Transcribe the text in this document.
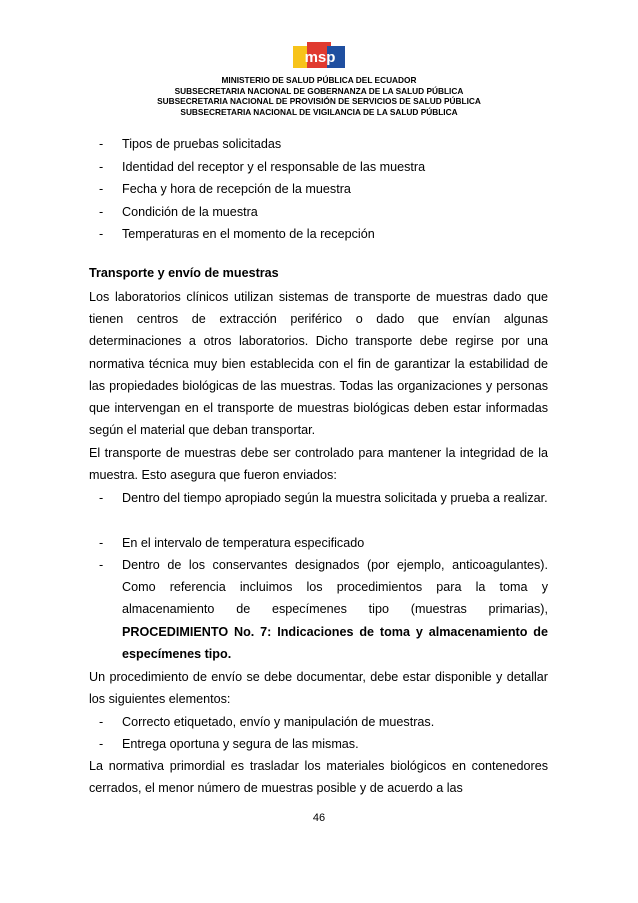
msp
MINISTERIO DE SALUD PÚBLICA DEL ECUADOR
SUBSECRETARIA NACIONAL DE GOBERNANZA DE LA SALUD PÚBLICA
SUBSECRETARIA NACIONAL DE PROVISIÓN DE SERVICIOS DE SALUD PÚBLICA
SUBSECRETARIA NACIONAL DE VIGILANCIA DE LA SALUD PÚBLICA
- Tipos de pruebas solicitadas
- Identidad del receptor y el responsable de las muestra
- Fecha y hora de recepción de la muestra
- Condición de la muestra
- Temperaturas en el momento de la recepción
Transporte y envío de muestras
Los laboratorios clínicos utilizan sistemas de transporte de muestras dado que tienen centros de extracción periférico o dado que envían algunas determinaciones a otros laboratorios. Dicho transporte debe regirse por una normativa técnica muy bien establecida con el fin de garantizar la estabilidad de las propiedades biológicas de las muestras. Todas las organizaciones y personas que intervengan en el transporte de muestras biológicas deben estar informadas según el material que deban transportar.
El transporte de muestras debe ser controlado para mantener la integridad de la muestra. Esto asegura que fueron enviados:
- Dentro del tiempo apropiado según la muestra solicitada y prueba a realizar.
- En el intervalo de temperatura especificado
- Dentro de los conservantes designados (por ejemplo, anticoagulantes). Como referencia incluimos los procedimientos para la toma y almacenamiento de especímenes tipo (muestras primarias), PROCEDIMIENTO No. 7: Indicaciones de toma y almacenamiento de especímenes tipo.
Un procedimiento de envío se debe documentar, debe estar disponible y detallar los siguientes elementos:
- Correcto etiquetado, envío y manipulación de muestras.
- Entrega oportuna y segura de las mismas.
La normativa primordial es trasladar los materiales biológicos en contenedores cerrados, el menor número de muestras posible y de acuerdo a las
46
